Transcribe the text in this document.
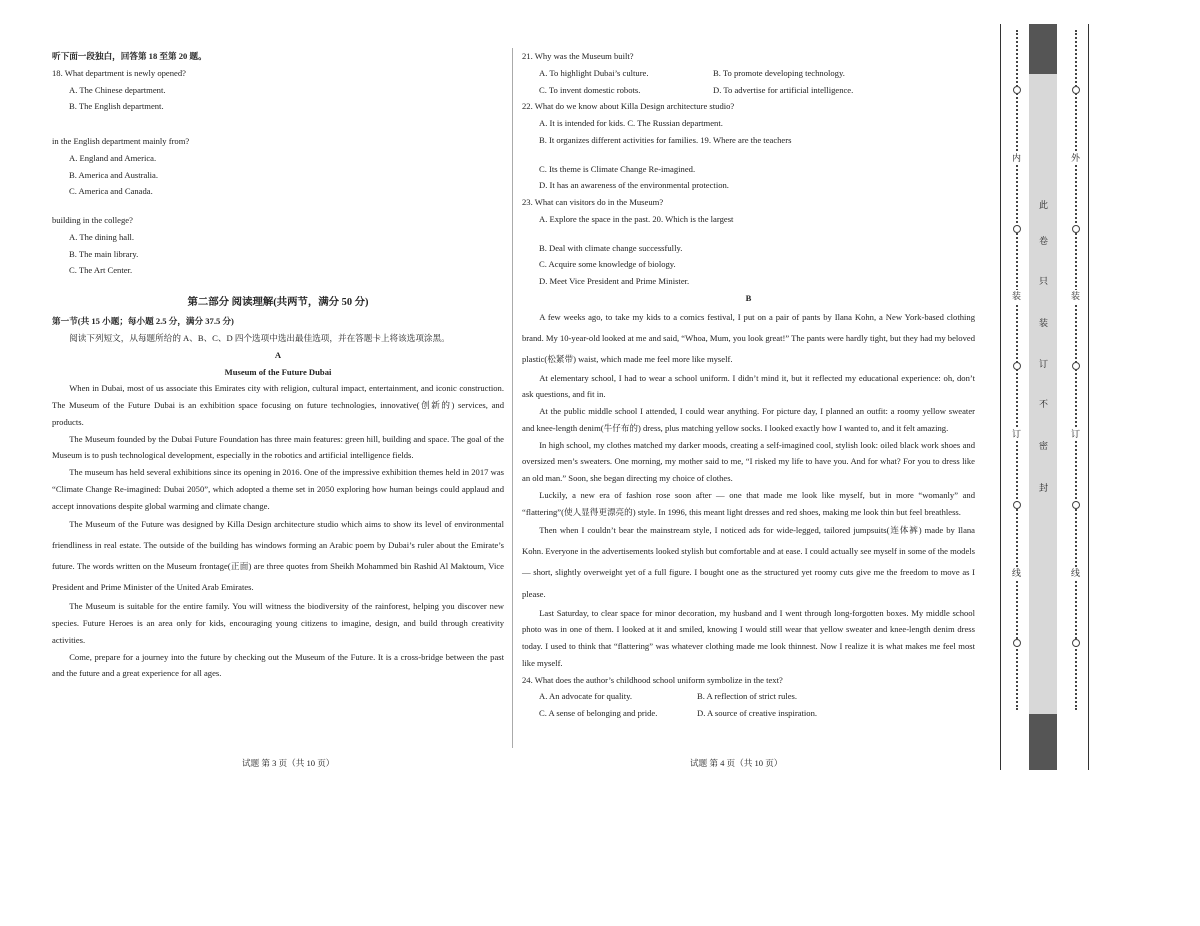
听下面一段独白，回答第 18 至第 20 题。

18. What department is newly opened?

A. The Chinese department.

B. The English department.

in the English department mainly from?

A. England and America.

B. America and Australia.

C. America and Canada.

building in the college?

A. The dining hall.

B. The main library.

C. The Art Center.

第二部分 阅读理解(共两节，满分 50 分)

第一节(共 15 小题；每小题 2.5 分，满分 37.5 分)

阅读下列短文，从每题所给的 A、B、C、D 四个选项中选出最佳选项，并在答题卡上将该选项涂黑。

A

Museum of the Future Dubai

When in Dubai, most of us associate this Emirates city with religion, cultural impact, entertainment, and iconic construction. The Museum of the Future Dubai is an exhibition space focusing on future technologies, innovative(创新的) services, and products.

The Museum founded by the Dubai Future Foundation has three main features: green hill, building and space. The goal of the Museum is to push technological development, especially in the robotics and artificial intelligence fields.

The museum has held several exhibitions since its opening in 2016. One of the impressive exhibition themes held in 2017 was “Climate Change Re-imagined: Dubai 2050”, which adopted a theme set in 2050 exploring how human beings could applaud and accept innovations despite global warming and climate change.

The Museum of the Future was designed by Killa Design architecture studio which aims to show its level of environmental friendliness in real estate. The outside of the building has windows forming an Arabic poem by Dubai’s ruler about the Emirate’s future. The words written on the Museum frontage(正面) are three quotes from Sheikh Mohammed bin Rashid Al Maktoum, Vice President and Prime Minister of the United Arab Emirates.

The Museum is suitable for the entire family. You will witness the biodiversity of the rainforest, helping you discover new species. Future Heroes is an area only for kids, encouraging young citizens to imagine, design, and build through creativity activities.

Come, prepare for a journey into the future by checking out the Museum of the Future. It is a cross-bridge between the past and the future and a great experience for all ages.

21. Why was the Museum built?

A. To highlight Dubai’s culture.	B. To promote developing technology.
C. To invent domestic robots.	D. To advertise for artificial intelligence.

22. What do we know about Killa Design architecture studio?

A. It is intended for kids. C. The Russian department.

B. It organizes different activities for families. 19. Where are the teachers

C. Its theme is Climate Change Re-imagined.

D. It has an awareness of the environmental protection.

23. What can visitors do in the Museum?

A. Explore the space in the past. 20. Which is the largest

B. Deal with climate change successfully.

C. Acquire some knowledge of biology.

D. Meet Vice President and Prime Minister.

B

A few weeks ago, to take my kids to a comics festival, I put on a pair of pants by Ilana Kohn, a New York-based clothing brand. My 10-year-old looked at me and said, “Whoa, Mum, you look great!” The pants were hardly tight, but they had my beloved plastic(松紧带) waist, which made me feel more like myself.

At elementary school, I had to wear a school uniform. I didn’t mind it, but it reflected my educational experience: oh, don’t ask questions, and fit in.

At the public middle school I attended, I could wear anything. For picture day, I planned an outfit: a roomy yellow sweater and knee-length denim(牛仔布的) dress, plus matching yellow socks. I looked exactly how I wanted to, and it felt amazing.

In high school, my clothes matched my darker moods, creating a self-imagined cool, stylish look: oiled black work shoes and oversized men’s sweaters. One morning, my mother said to me, “I risked my life to have you. And for what? For you to dress like an old man.” Soon, she began directing my choice of clothes.

Luckily, a new era of fashion rose soon after — one that made me look like myself, but in more “womanly” and “flattering”(使人显得更漂亮的) style. In 1996, this meant light dresses and red shoes, making me look thin but feel breathless.

Then when I couldn’t bear the mainstream style, I noticed ads for wide-legged, tailored jumpsuits(连体裤) made by Ilana Kohn. Everyone in the advertisements looked stylish but comfortable and at ease. I could actually see myself in some of the models — short, slightly overweight yet of a full figure. I bought one as the structured yet roomy cuts give me the freedom to move as I please.

Last Saturday, to clear space for minor decoration, my husband and I went through long-forgotten boxes. My middle school photo was in one of them. I looked at it and smiled, knowing I would still wear that yellow sweater and knee-length denim dress today. I used to think that “flattering” was whatever clothing made me look thinnest. Now I realize it is what makes me feel most like myself.

24. What does the author’s childhood school uniform symbolize in the text?

A. An advocate for quality.	B. A reflection of strict rules.
C. A sense of belonging and pride.	D. A source of creative inspiration.
试题 第 3 页（共 10 页）	试题 第 4 页（共 10 页）
内
装
订
线
外
装
订
线
此
卷
只
装
订
不
密
封
